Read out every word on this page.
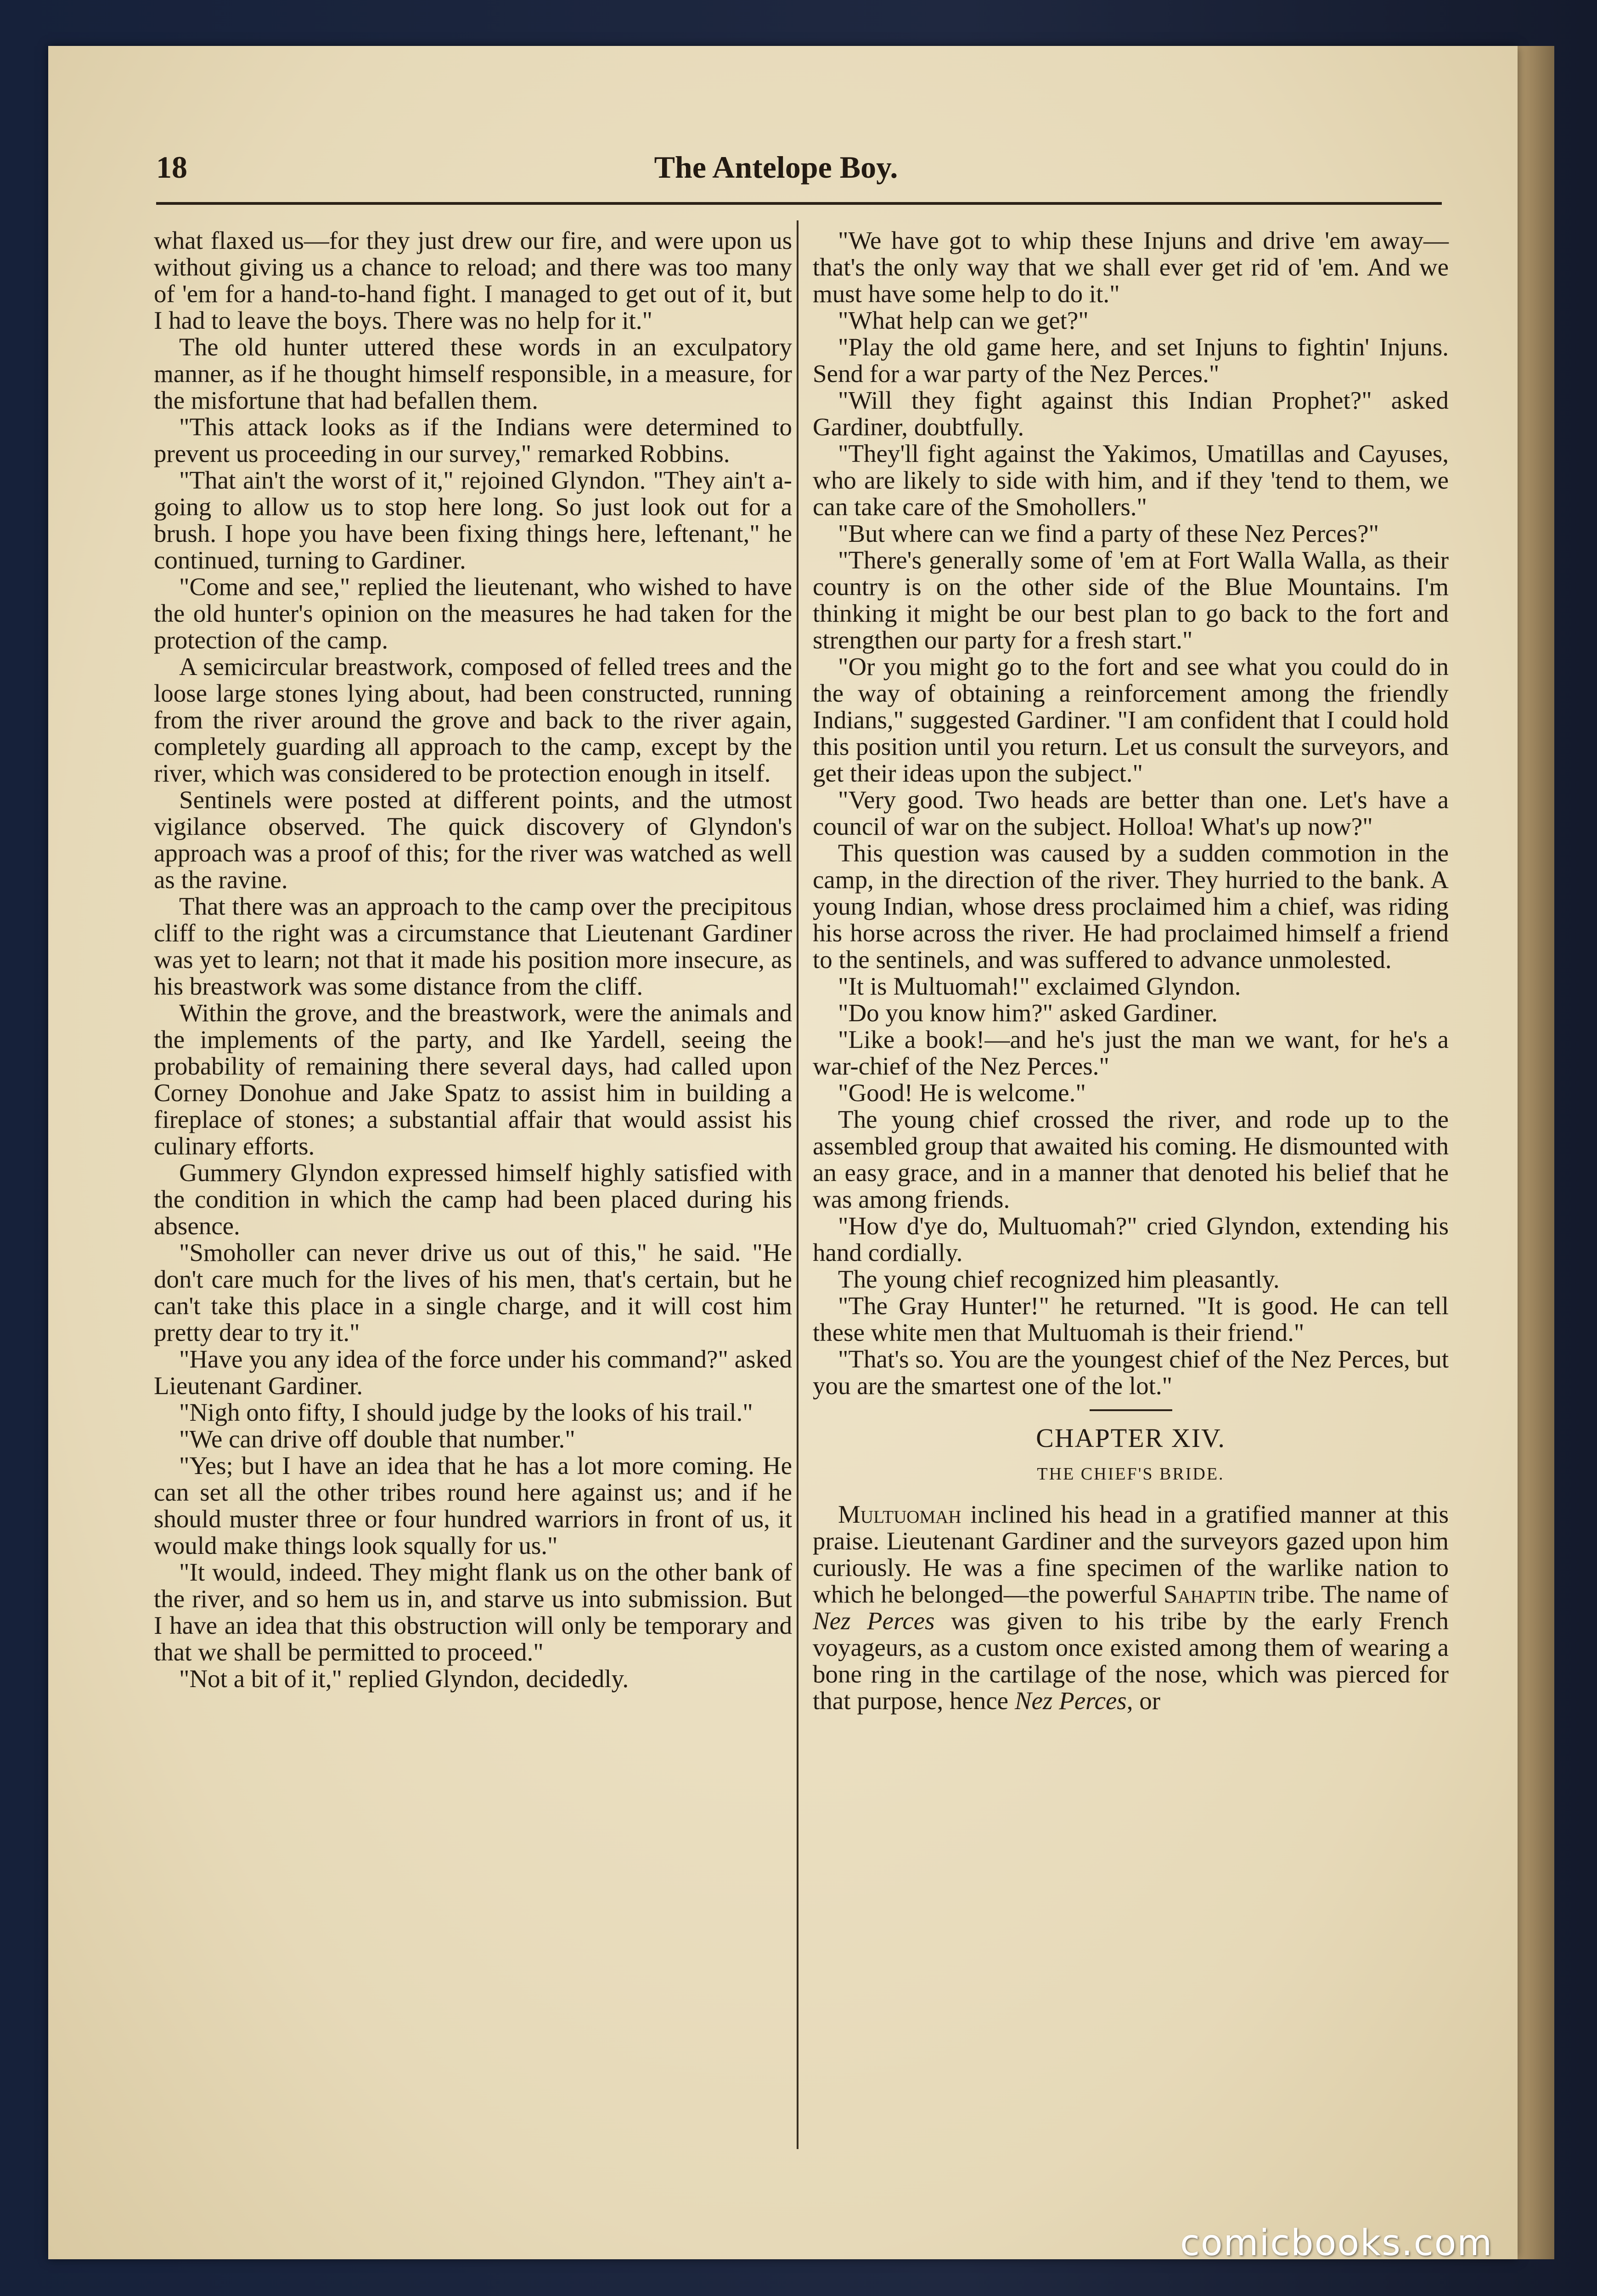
18	The Antelope Boy.

what flaxed us—for they just drew our fire, and were upon us without giving us a chance to reload; and there was too many of 'em for a hand-to-hand fight. I managed to get out of it, but I had to leave the boys. There was no help for it."

The old hunter uttered these words in an exculpatory manner, as if he thought himself responsible, in a measure, for the misfortune that had befallen them.

"This attack looks as if the Indians were determined to prevent us proceeding in our survey," remarked Robbins.

"That ain't the worst of it," rejoined Glyndon. "They ain't a-going to allow us to stop here long. So just look out for a brush. I hope you have been fixing things here, leftenant," he continued, turning to Gardiner.

"Come and see," replied the lieutenant, who wished to have the old hunter's opinion on the measures he had taken for the protection of the camp.

A semicircular breastwork, composed of felled trees and the loose large stones lying about, had been constructed, running from the river around the grove and back to the river again, completely guarding all approach to the camp, except by the river, which was considered to be protection enough in itself.

Sentinels were posted at different points, and the utmost vigilance observed. The quick discovery of Glyndon's approach was a proof of this; for the river was watched as well as the ravine.

That there was an approach to the camp over the precipitous cliff to the right was a circumstance that Lieutenant Gardiner was yet to learn; not that it made his position more insecure, as his breastwork was some distance from the cliff.

Within the grove, and the breastwork, were the animals and the implements of the party, and Ike Yardell, seeing the probability of remaining there several days, had called upon Corney Donohue and Jake Spatz to assist him in building a fireplace of stones; a substantial affair that would assist his culinary efforts.

Gummery Glyndon expressed himself highly satisfied with the condition in which the camp had been placed during his absence.

"Smoholler can never drive us out of this," he said. "He don't care much for the lives of his men, that's certain, but he can't take this place in a single charge, and it will cost him pretty dear to try it."

"Have you any idea of the force under his command?" asked Lieutenant Gardiner.

"Nigh onto fifty, I should judge by the looks of his trail."

"We can drive off double that number."

"Yes; but I have an idea that he has a lot more coming. He can set all the other tribes round here against us; and if he should muster three or four hundred warriors in front of us, it would make things look squally for us."

"It would, indeed. They might flank us on the other bank of the river, and so hem us in, and starve us into submission. But I have an idea that this obstruction will only be temporary and that we shall be permitted to proceed."

"Not a bit of it," replied Glyndon, decidedly.

"We have got to whip these Injuns and drive 'em away—that's the only way that we shall ever get rid of 'em. And we must have some help to do it."

"What help can we get?"

"Play the old game here, and set Injuns to fightin' Injuns. Send for a war party of the Nez Perces."

"Will they fight against this Indian Prophet?" asked Gardiner, doubtfully.

"They'll fight against the Yakimos, Umatillas and Cayuses, who are likely to side with him, and if they 'tend to them, we can take care of the Smohollers."

"But where can we find a party of these Nez Perces?"

"There's generally some of 'em at Fort Walla Walla, as their country is on the other side of the Blue Mountains. I'm thinking it might be our best plan to go back to the fort and strengthen our party for a fresh start."

"Or you might go to the fort and see what you could do in the way of obtaining a reinforcement among the friendly Indians," suggested Gardiner. "I am confident that I could hold this position until you return. Let us consult the surveyors, and get their ideas upon the subject."

"Very good. Two heads are better than one. Let's have a council of war on the subject. Holloa! What's up now?"

This question was caused by a sudden commotion in the camp, in the direction of the river. They hurried to the bank. A young Indian, whose dress proclaimed him a chief, was riding his horse across the river. He had proclaimed himself a friend to the sentinels, and was suffered to advance unmolested.

"It is Multuomah!" exclaimed Glyndon.

"Do you know him?" asked Gardiner.

"Like a book!—and he's just the man we want, for he's a war-chief of the Nez Perces."

"Good! He is welcome."

The young chief crossed the river, and rode up to the assembled group that awaited his coming. He dismounted with an easy grace, and in a manner that denoted his belief that he was among friends.

"How d'ye do, Multuomah?" cried Glyndon, extending his hand cordially.

The young chief recognized him pleasantly.

"The Gray Hunter!" he returned. "It is good. He can tell these white men that Multuomah is their friend."

"That's so. You are the youngest chief of the Nez Perces, but you are the smartest one of the lot."

CHAPTER XIV.
THE CHIEF'S BRIDE.

Multuomah inclined his head in a gratified manner at this praise. Lieutenant Gardiner and the surveyors gazed upon him curiously. He was a fine specimen of the warlike nation to which he belonged—the powerful Sahaptin tribe. The name of Nez Perces was given to his tribe by the early French voyageurs, as a custom once existed among them of wearing a bone ring in the cartilage of the nose, which was pierced for that purpose, hence Nez Perces, or

comicbooks.com
